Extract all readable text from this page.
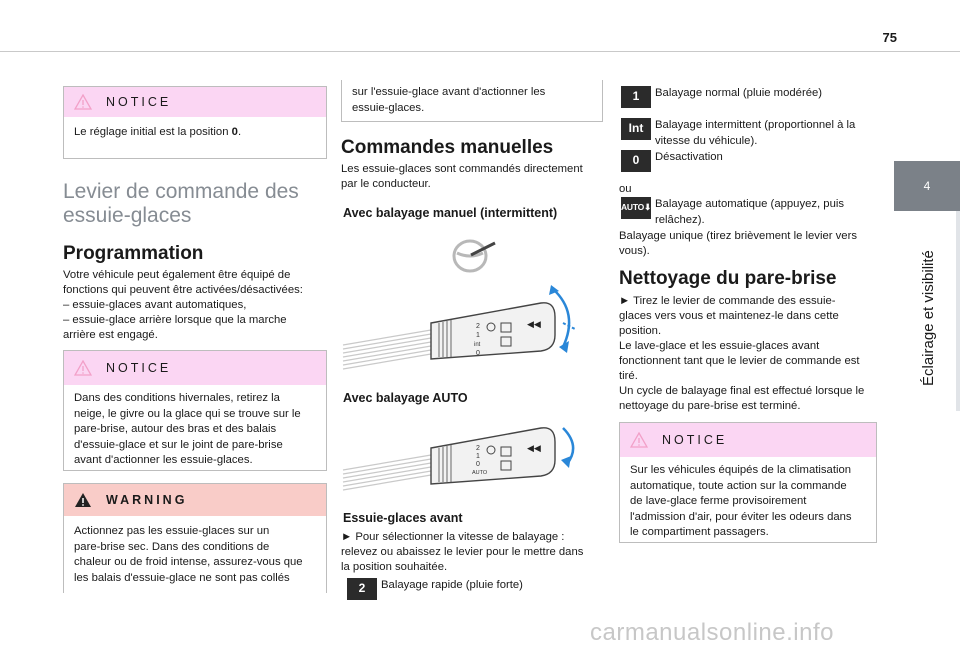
75
4
Éclairage et visibilité
NOTICE
Le réglage initial est la position 0.
Levier de commande des
essuie-glaces
Programmation
Votre véhicule peut également être équipé de
fonctions qui peuvent être activées/désactivées:
– essuie-glaces avant automatiques,
– essuie-glace arrière lorsque que la marche
arrière est engagé.
NOTICE
Dans des conditions hivernales, retirez la
neige, le givre ou la glace qui se trouve sur le
pare-brise, autour des bras et des balais
d'essuie-glace et sur le joint de pare-brise
avant d'actionner les essuie-glaces.
WARNING
Actionnez pas les essuie-glaces sur un
pare-brise sec. Dans des conditions de
chaleur ou de froid intense, assurez-vous que
les balais d'essuie-glace ne sont pas collés
sur l'essuie-glace avant d'actionner les
essuie-glaces.
Commandes manuelles
Les essuie-glaces sont commandés directement
par le conducteur.
Avec balayage manuel (intermittent)
2
1
int
0
◀◀
Avec balayage AUTO
2
1
0
AUTO
◀◀
Essuie-glaces avant
► Pour sélectionner la vitesse de balayage :
relevez ou abaissez le levier pour le mettre dans
la position souhaitée.
2	Balayage rapide (pluie forte)
1	Balayage normal (pluie modérée)
Int	Balayage intermittent (proportionnel à la
vitesse du véhicule).
0	Désactivation
ou
AUTO⬇ Balayage automatique (appuyez, puis
relâchez).
Balayage unique (tirez brièvement le levier vers
vous).
Nettoyage du pare-brise
► Tirez le levier de commande des essuie-
glaces vers vous et maintenez-le dans cette
position.
Le lave-glace et les essuie-glaces avant
fonctionnent tant que le levier de commande est
tiré.
Un cycle de balayage final est effectué lorsque le
nettoyage du pare-brise est terminé.
NOTICE
Sur les véhicules équipés de la climatisation
automatique, toute action sur la commande
de lave-glace ferme provisoirement
l'admission d'air, pour éviter les odeurs dans
le compartiment passagers.
carmanualsonline.info
